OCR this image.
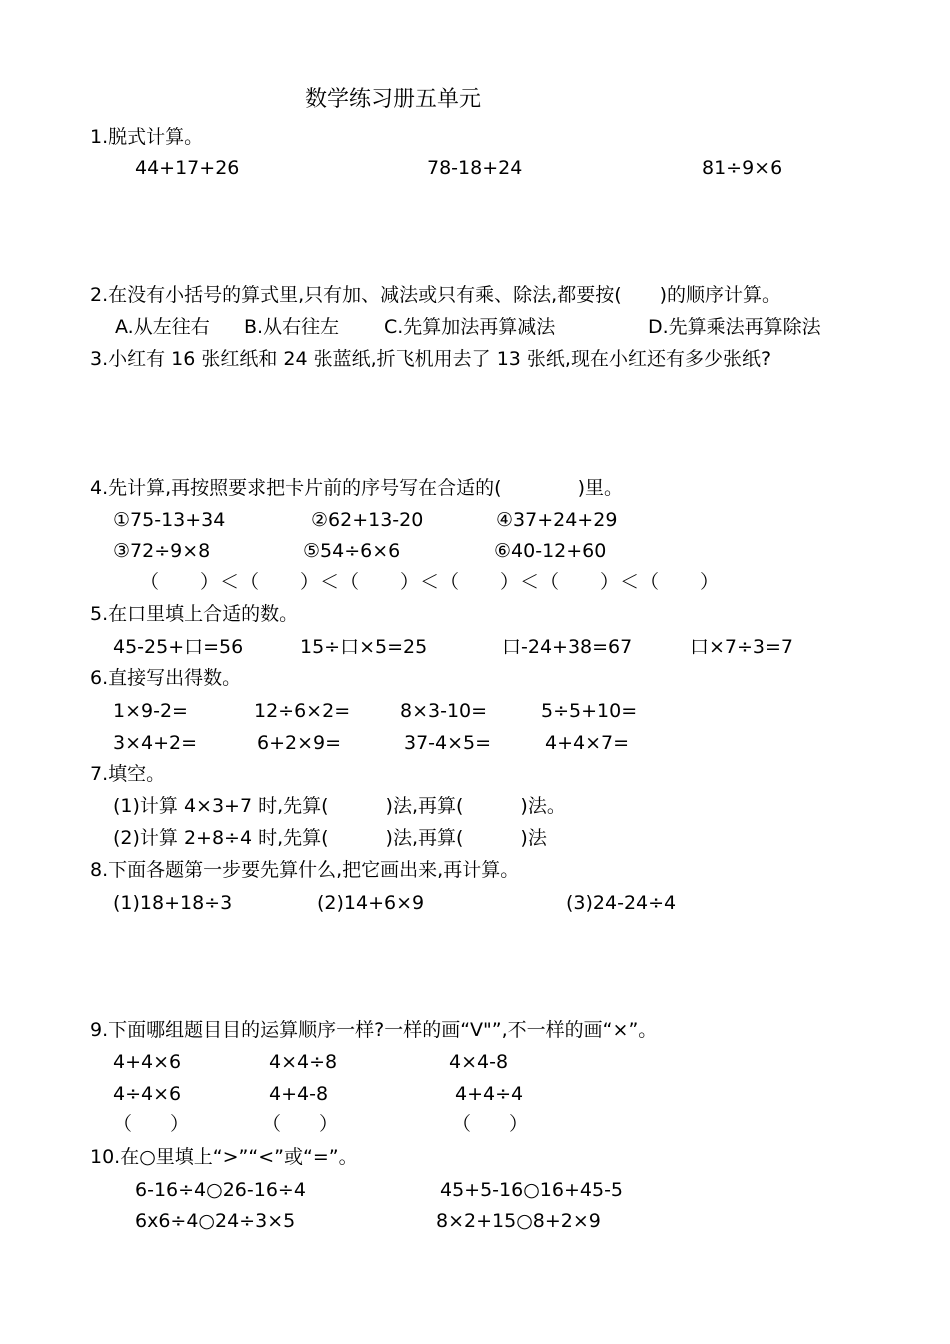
数学练习册五单元
1.脱式计算。
44+17+26	78-18+24	81÷9×6
2.在没有小括号的算式里,只有加、减法或只有乘、除法,都要按(　　)的顺序计算。
A.从左往右 B.从右往左 C.先算加法再算减法	D.先算乘法再算除法
3.小红有 16 张红纸和 24 张蓝纸,折飞机用去了 13 张纸,现在小红还有多少张纸?
4.先计算,再按照要求把卡片前的序号写在合适的(　　　　)里。
①75-13+34	②62+13-20	④37+24+29
③72÷9×8	⑤54÷6×6	⑥40-12+60
（　　）＜（　　）＜（　　）＜（　　）＜（　　）＜（　　）
5.在口里填上合适的数。
45-25+口=56	15÷口×5=25	口-24+38=67	口×7÷3=7
6.直接写出得数。
1×9-2=	12÷6×2=	8×3-10=	5÷5+10=
3×4+2=	6+2×9=	37-4×5=	4+4×7=
7.填空。
(1)计算 4×3+7 时,先算(　　　)法,再算(　　　)法。
(2)计算 2+8÷4 时,先算(　　　)法,再算(　　　)法
8.下面各题第一步要先算什么,把它画出来,再计算。
(1)18+18÷3	(2)14+6×9	(3)24-24÷4
9.下面哪组题目目的运算顺序一样?一样的画“V"”,不一样的画“×”。
4+4×6	4×4÷8	4×4-8
4÷4×6	4+4-8	4+4÷4
（　　）	（　　）	（　　）
10.在○里填上“>”“<”或“=”。
6-16÷4○26-16÷4	45+5-16○16+45-5
6x6÷4○24÷3×5	8×2+15○8+2×9
